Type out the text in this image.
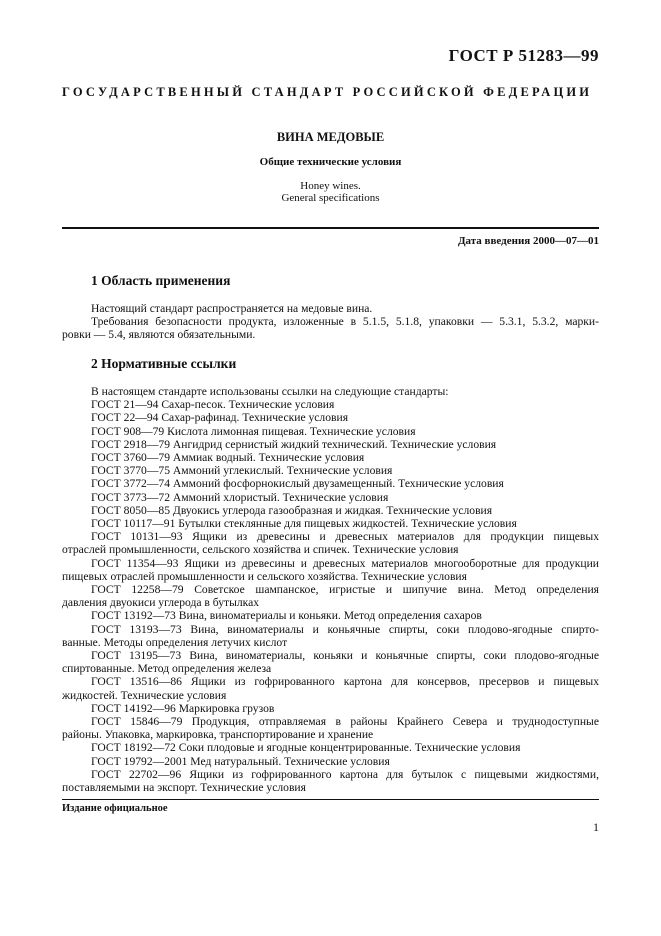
ГОСТ Р 51283—99
ГОСУДАРСТВЕННЫЙ СТАНДАРТ РОССИЙСКОЙ ФЕДЕРАЦИИ
ВИНА МЕДОВЫЕ
Общие технические условия
Honey wines.
General specifications
Дата введения 2000—07—01
1 Область применения

Настоящий стандарт распространяется на медовые вина.

Требования безопасности продукта, изложенные в 5.1.5, 5.1.8, упаковки — 5.3.1, 5.3.2, марки-

ровки — 5.4, являются обязательными.

2 Нормативные ссылки

В настоящем стандарте использованы ссылки на следующие стандарты:

ГОСТ 21—94 Сахар-песок. Технические условия

ГОСТ 22—94 Сахар-рафинад. Технические условия

ГОСТ 908—79 Кислота лимонная пищевая. Технические условия

ГОСТ 2918—79 Ангидрид сернистый жидкий технический. Технические условия

ГОСТ 3760—79 Аммиак водный. Технические условия

ГОСТ 3770—75 Аммоний углекислый. Технические условия

ГОСТ 3772—74 Аммоний фосфорнокислый двузамещенный. Технические условия

ГОСТ 3773—72 Аммоний хлористый. Технические условия

ГОСТ 8050—85 Двуокись углерода газообразная и жидкая. Технические условия

ГОСТ 10117—91 Бутылки стеклянные для пищевых жидкостей. Технические условия

ГОСТ 10131—93 Ящики из древесины и древесных материалов для продукции пищевых

отраслей промышленности, сельского хозяйства и спичек. Технические условия

ГОСТ 11354—93 Ящики из древесины и древесных материалов многооборотные для продукции

пищевых отраслей промышленности и сельского хозяйства. Технические условия

ГОСТ 12258—79 Советское шампанское, игристые и шипучие вина. Метод определения

давления двуокиси углерода в бутылках

ГОСТ 13192—73 Вина, виноматериалы и коньяки. Метод определения сахаров

ГОСТ 13193—73 Вина, виноматериалы и коньячные спирты, соки плодово-ягодные спирто-

ванные. Методы определения летучих кислот

ГОСТ 13195—73 Вина, виноматериалы, коньяки и коньячные спирты, соки плодово-ягодные

спиртованные. Метод определения железа

ГОСТ 13516—86 Ящики из гофрированного картона для консервов, пресервов и пищевых

жидкостей. Технические условия

ГОСТ 14192—96 Маркировка грузов

ГОСТ 15846—79 Продукция, отправляемая в районы Крайнего Севера и труднодоступные

районы. Упаковка, маркировка, транспортирование и хранение

ГОСТ 18192—72 Соки плодовые и ягодные концентрированные. Технические условия

ГОСТ 19792—2001 Мед натуральный. Технические условия

ГОСТ 22702—96 Ящики из гофрированного картона для бутылок с пищевыми жидкостями,

поставляемыми на экспорт. Технические условия

Издание официальное
1
